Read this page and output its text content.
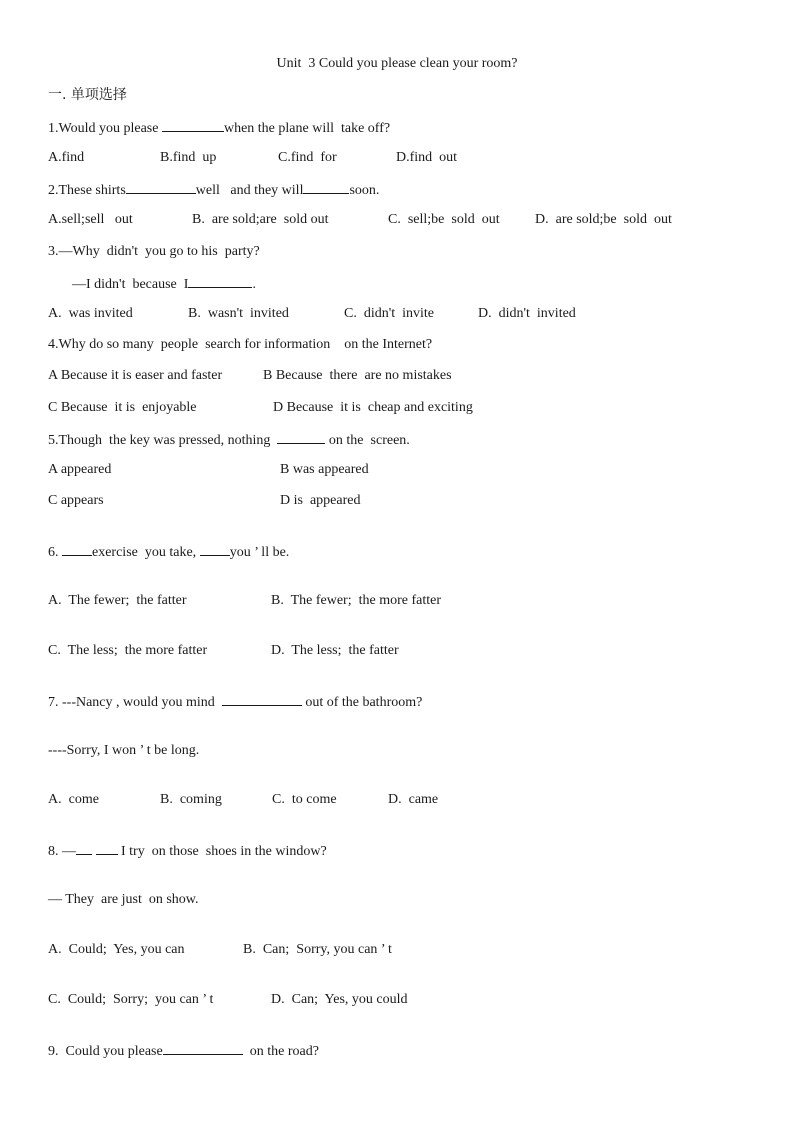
Unit  3 Could you please clean your room?
一. 单项选择
1.Would you please	when the plane will  take off?
A.find	B.find  up	C.find  for	D.find  out
2.These shirts	well   and they will	soon.
A.sell;sell   out	B.  are sold;are  sold out	C.  sell;be  sold  out	D.  are sold;be  sold  out
3.—Why  didn't  you go to his  party?
—I didn't  because  I	.
A.  was invited	B.  wasn't  invited	C.  didn't  invite	D.  didn't  invited
4.Why do so many  people  search for information    on the Internet?
A Because it is easer and faster	B Because  there  are no mistakes
C Because  it is  enjoyable	D Because  it is  cheap and exciting
5.Though  the key was pressed, nothing	on the  screen.
A appeared	B was appeared
C appears	D is  appeared
6. exercise  you take, you ’ ll be.
A.  The fewer;  the fatter	B.  The fewer;  the more fatter
C.  The less;  the more fatter	D.  The less;  the fatter
7. ---Nancy , would you mind	out of the bathroom?
----Sorry, I won ’ t be long.
A.  come	B.  coming	C.  to come	D.  came
8. —	I try  on those  shoes in the window?
— They  are just  on show.
A.  Could;  Yes, you can	B.  Can;  Sorry, you can ’ t
C.  Could;  Sorry;  you can ’ t	D.  Can;  Yes, you could
9.  Could you please	on the road?
